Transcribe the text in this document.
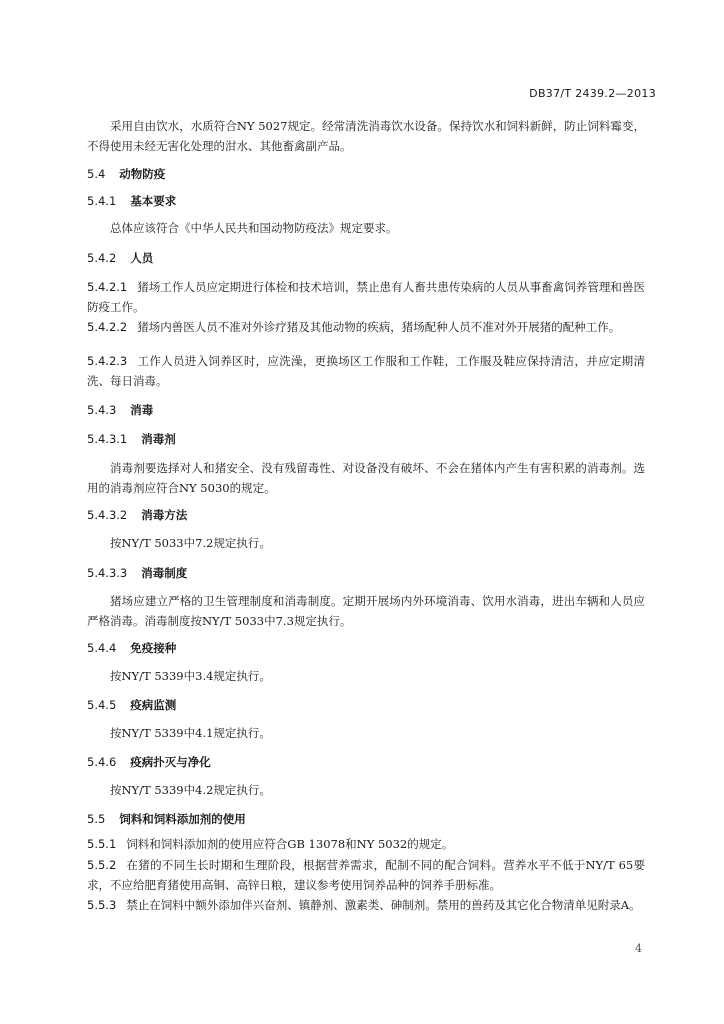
DB37/T 2439.2—2013
采用自由饮水，水质符合NY 5027规定。经常清洗消毒饮水设备。保持饮水和饲料新鲜，防止饲料霉变，不得使用未经无害化处理的泔水、其他畜禽副产品。
5.4 动物防疫
5.4.1 基本要求
总体应该符合《中华人民共和国动物防疫法》规定要求。
5.4.2 人员
5.4.2.1 猪场工作人员应定期进行体检和技术培训，禁止患有人畜共患传染病的人员从事畜禽饲养管理和兽医防疫工作。
5.4.2.2 猪场内兽医人员不准对外诊疗猪及其他动物的疾病，猪场配种人员不准对外开展猪的配种工作。
5.4.2.3 工作人员进入饲养区时，应洗澡，更换场区工作服和工作鞋，工作服及鞋应保持清洁，并应定期清洗、每日消毒。
5.4.3 消毒
5.4.3.1 消毒剂
消毒剂要选择对人和猪安全、没有残留毒性、对设备没有破坏、不会在猪体内产生有害积累的消毒剂。选用的消毒剂应符合NY 5030的规定。
5.4.3.2 消毒方法
按NY/T 5033中7.2规定执行。
5.4.3.3 消毒制度
猪场应建立严格的卫生管理制度和消毒制度。定期开展场内外环境消毒、饮用水消毒，进出车辆和人员应严格消毒。消毒制度按NY/T 5033中7.3规定执行。
5.4.4 免疫接种
按NY/T 5339中3.4规定执行。
5.4.5 疫病监测
按NY/T 5339中4.1规定执行。
5.4.6 疫病扑灭与净化
按NY/T 5339中4.2规定执行。
5.5 饲料和饲料添加剂的使用
5.5.1 饲料和饲料添加剂的使用应符合GB 13078和NY 5032的规定。
5.5.2 在猪的不同生长时期和生理阶段，根据营养需求，配制不同的配合饲料。营养水平不低于NY/T 65要求，不应给肥育猪使用高铜、高锌日粮，建议参考使用饲养品种的饲养手册标准。
5.5.3 禁止在饲料中额外添加伴兴奋剂、镇静剂、激素类、砷制剂。禁用的兽药及其它化合物清单见附录A。
4
